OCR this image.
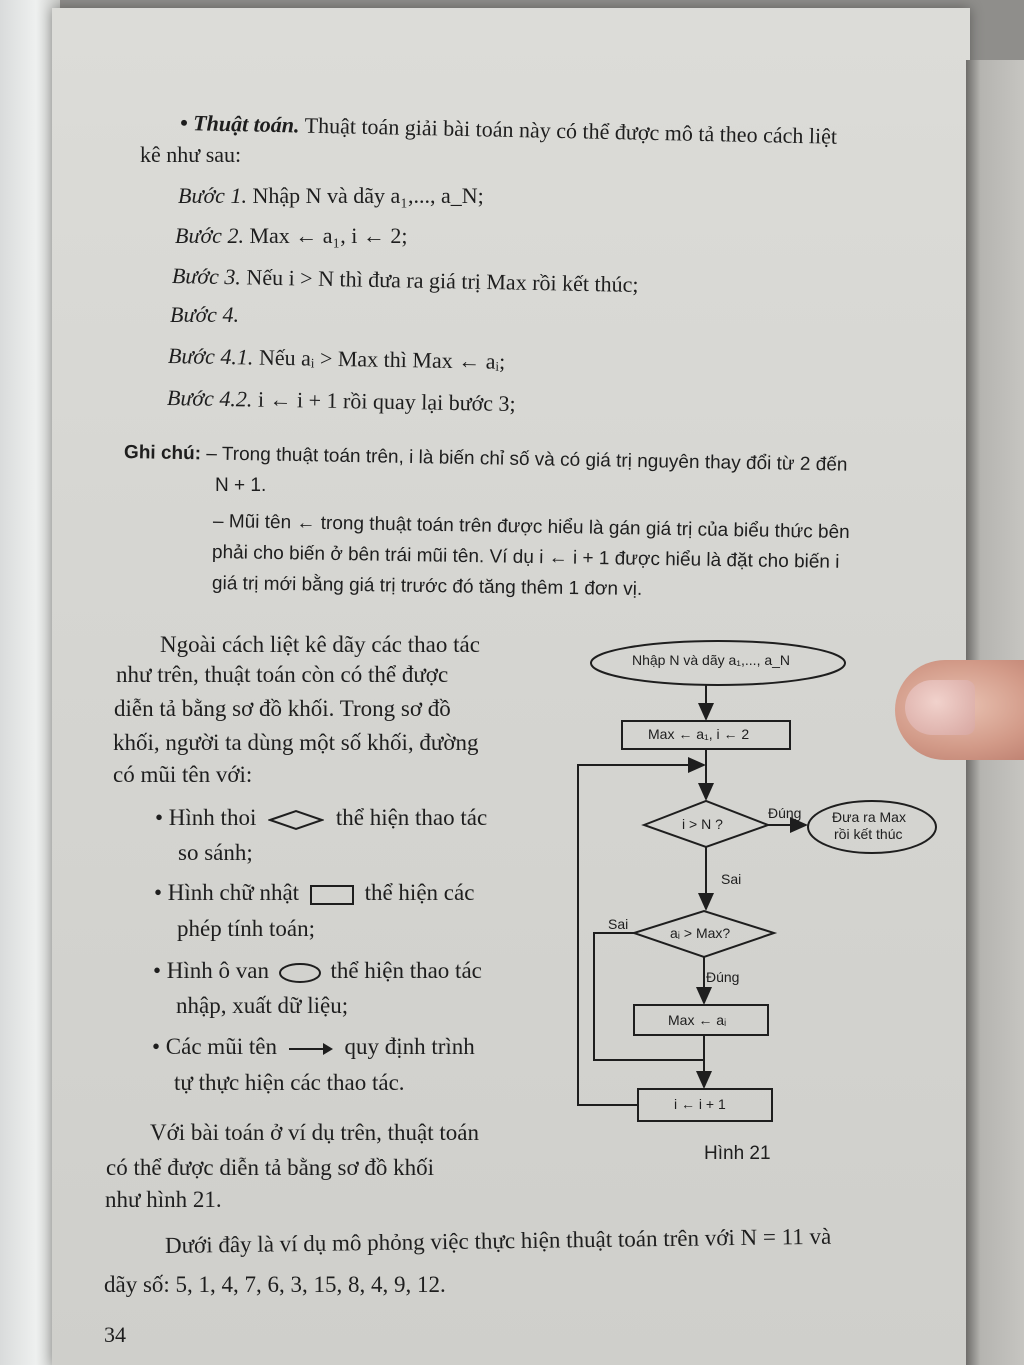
• Thuật toán. Thuật toán giải bài toán này có thể được mô tả theo cách liệt
kê như sau:
Bước 1. Nhập N và dãy a₁,..., a_N;
Bước 2. Max ← a₁, i ← 2;
Bước 3. Nếu i > N thì đưa ra giá trị Max rồi kết thúc;
Bước 4.
Bước 4.1. Nếu aᵢ > Max thì Max ← aᵢ;
Bước 4.2. i ← i + 1 rồi quay lại bước 3;
Ghi chú: – Trong thuật toán trên, i là biến chỉ số và có giá trị nguyên thay đổi từ 2 đến
N + 1.
– Mũi tên ← trong thuật toán trên được hiểu là gán giá trị của biểu thức bên
phải cho biến ở bên trái mũi tên. Ví dụ i ← i + 1 được hiểu là đặt cho biến i
giá trị mới bằng giá trị trước đó tăng thêm 1 đơn vị.
Ngoài cách liệt kê dãy các thao tác
như trên, thuật toán còn có thể được
diễn tả bằng sơ đồ khối. Trong sơ đồ
khối, người ta dùng một số khối, đường
có mũi tên với:
• Hình thoi	thể hiện thao tác
so sánh;
• Hình chữ nhật	thể hiện các
phép tính toán;
• Hình ô van	thể hiện thao tác
nhập, xuất dữ liệu;
• Các mũi tên	quy định trình
tự thực hiện các thao tác.
Với bài toán ở ví dụ trên, thuật toán
có thể được diễn tả bằng sơ đồ khối
như hình 21.
Dưới đây là ví dụ mô phỏng việc thực hiện thuật toán trên với N = 11 và
dãy số: 5, 1, 4, 7, 6, 3, 15, 8, 4, 9, 12.
34
Nhập N và dãy a₁,..., a_N
Max ← a₁, i ← 2
i > N ?
Đúng Đưa ra Max
rồi kết thúc
Sai
aᵢ > Max?
Sai
Đúng
Max ← aᵢ
i ← i + 1
Hình 21
